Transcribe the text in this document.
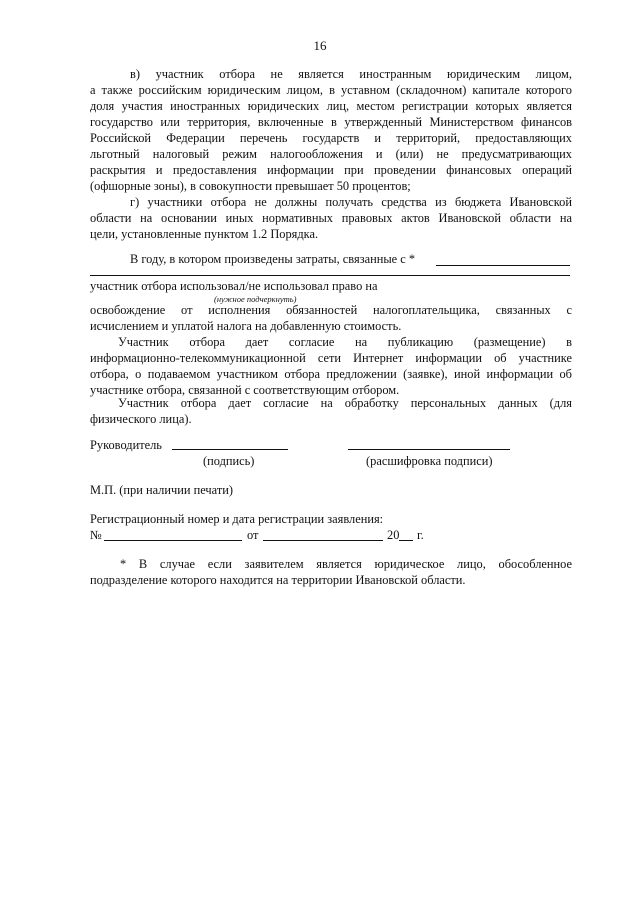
16
в) участник отбора не является иностранным юридическим лицом,
а также российским юридическим лицом, в уставном (складочном) капитале которого
доля участия иностранных юридических лиц, местом регистрации которых является
государство или территория, включенные в утвержденный Министерством финансов
Российской Федерации перечень государств и территорий, предоставляющих
льготный налоговый режим налогообложения и (или) не предусматривающих
раскрытия и предоставления информации при проведении финансовых операций
(офшорные зоны), в совокупности превышает 50 процентов;
г) участники отбора не должны получать средства из бюджета Ивановской
области на основании иных нормативных правовых актов Ивановской области на
цели, установленные пунктом 1.2 Порядка.
В году, в котором произведены затраты, связанные с *
участник отбора использовал/не использовал право на
(нужное подчеркнуть)
освобождение от исполнения обязанностей налогоплательщика, связанных с
исчислением и уплатой налога на добавленную стоимость.
Участник отбора дает согласие на публикацию (размещение) в
информационно-телекоммуникационной сети Интернет информации об участнике
отбора, о подаваемом участником отбора предложении (заявке), иной информации об
участнике отбора, связанной с соответствующим отбором.
Участник отбора дает согласие на обработку персональных данных (для
физического лица).
Руководитель
(подпись)	(расшифровка подписи)
М.П. (при наличии печати)
Регистрационный номер и дата регистрации заявления:
№	от	20 г.
* В случае если заявителем является юридическое лицо, обособленное
подразделение которого находится на территории Ивановской области.
